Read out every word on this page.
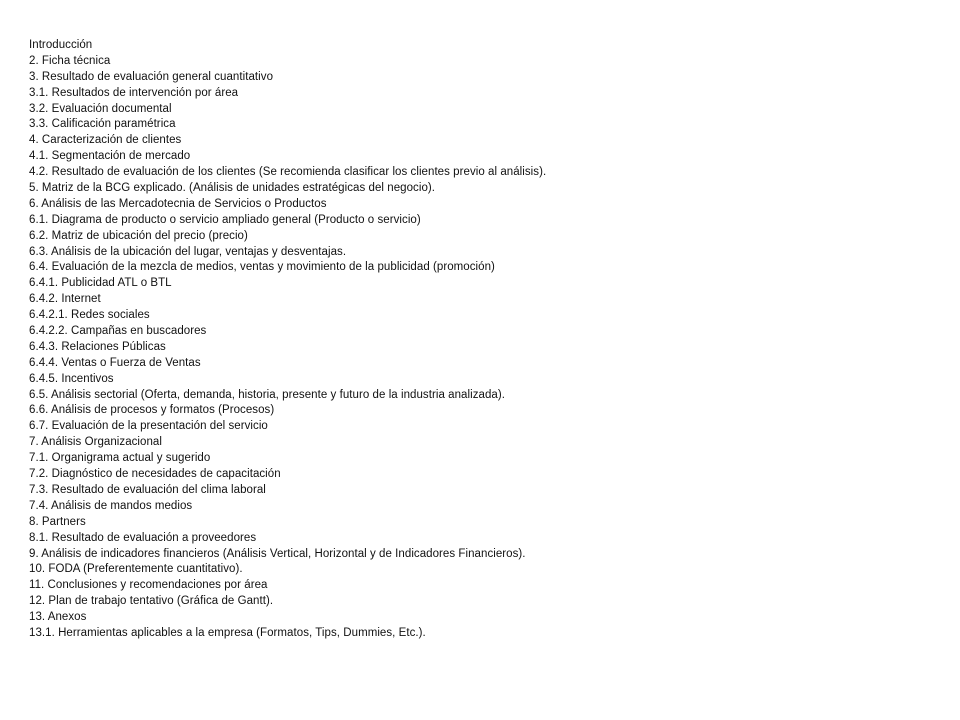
Introducción
2. Ficha técnica
3. Resultado de evaluación general cuantitativo
3.1. Resultados de intervención por área
3.2. Evaluación documental
3.3. Calificación paramétrica
4. Caracterización de clientes
4.1. Segmentación de mercado
4.2. Resultado de evaluación de los clientes (Se recomienda clasificar los clientes previo al análisis).
5. Matriz de la BCG explicado. (Análisis de unidades estratégicas del negocio).
6. Análisis de las Mercadotecnia de Servicios o Productos
6.1. Diagrama de producto o servicio ampliado general (Producto o servicio)
6.2. Matriz de ubicación del precio (precio)
6.3. Análisis de la ubicación del lugar, ventajas y desventajas.
6.4. Evaluación de la mezcla de medios, ventas y movimiento de la publicidad (promoción)
6.4.1. Publicidad ATL o BTL
6.4.2. Internet
6.4.2.1. Redes sociales
6.4.2.2. Campañas en buscadores
6.4.3. Relaciones Públicas
6.4.4. Ventas o Fuerza de Ventas
6.4.5. Incentivos
6.5. Análisis sectorial (Oferta, demanda, historia, presente y futuro de la industria analizada).
6.6. Análisis de procesos y formatos (Procesos)
6.7. Evaluación de la presentación del servicio
7. Análisis Organizacional
7.1. Organigrama actual y sugerido
7.2. Diagnóstico de necesidades de capacitación
7.3. Resultado de evaluación del clima laboral
7.4. Análisis de mandos medios
8. Partners
8.1. Resultado de evaluación a proveedores
9. Análisis de indicadores financieros (Análisis Vertical, Horizontal y de Indicadores Financieros).
10. FODA (Preferentemente cuantitativo).
11. Conclusiones y recomendaciones por área
12. Plan de trabajo tentativo (Gráfica de Gantt).
13. Anexos
13.1. Herramientas aplicables a la empresa (Formatos, Tips, Dummies, Etc.).
